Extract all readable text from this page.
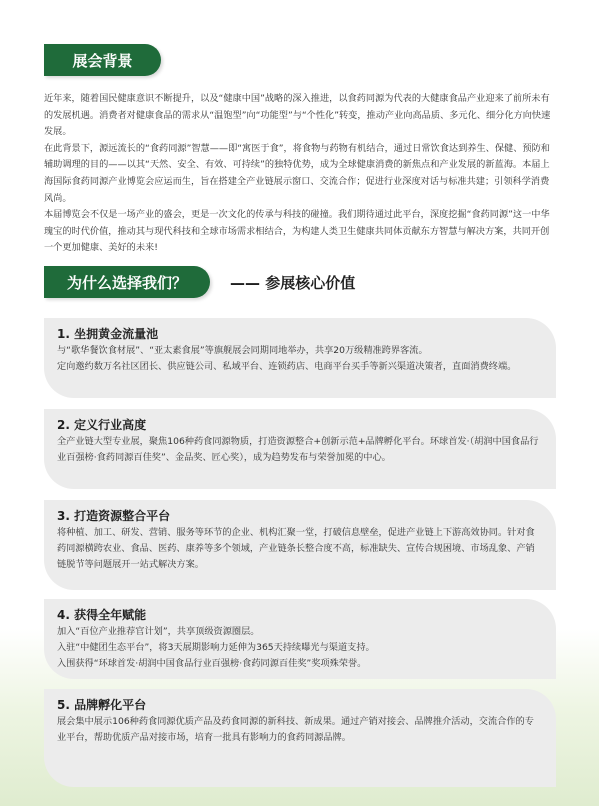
展会背景

近年来，随着国民健康意识不断提升，以及“健康中国”战略的深入推进，以食药同源为代表的大健康食品产业迎来了前所未有的发展机遇。消费者对健康食品的需求从“温饱型”向“功能型”与“个性化”转变，推动产业向高品质、多元化、细分化方向快速发展。

在此背景下，源远流长的“食药同源”智慧——即“寓医于食”，将食物与药物有机结合，通过日常饮食达到养生、保健、预防和辅助调理的目的——以其“天然、安全、有效、可持续”的独特优势，成为全球健康消费的新焦点和产业发展的新蓝海。本届上海国际食药同源产业博览会应运而生，旨在搭建全产业链展示窗口、交流合作；促进行业深度对话与标准共建；引领科学消费风尚。

本届博览会不仅是一场产业的盛会，更是一次文化的传承与科技的碰撞。我们期待通过此平台，深度挖掘“食药同源”这一中华瑰宝的时代价值，推动其与现代科技和全球市场需求相结合，为构建人类卫生健康共同体贡献东方智慧与解决方案，共同开创一个更加健康、美好的未来!

为什么选择我们？	—— 参展核心价值
1. 坐拥黄金流量池

与“歌华餐饮食材展”、“亚太素食展”等旗舰展会同期同地举办，共享20万级精准跨界客流。

定向邀约数万名社区团长、供应链公司、私域平台、连锁药店、电商平台买手等新兴渠道决策者，直面消费终端。

2. 定义行业高度

全产业链大型专业展，聚焦106种药食同源物质，打造资源整合+创新示范+品牌孵化平台。环球首发·（胡润中国食品行业百强榜·食药同源百佳奖”、金品奖、匠心奖），成为趋势发布与荣誉加冕的中心。

3. 打造资源整合平台

将种植、加工、研发、营销、服务等环节的企业、机构汇聚一堂，打破信息壁垒，促进产业链上下游高效协同。针对食药同源横跨农业、食品、医药、康养等多个领域，产业链条长整合度不高，标准缺失、宣传合规困境、市场乱象、产销链脱节等问题展开一站式解决方案。

4. 获得全年赋能

加入“百位产业推荐官计划”，共享顶级资源圈层。

入驻“中健团生态平台”，将3天展期影响力延伸为365天持续曝光与渠道支持。

入围获得“环球首发·胡润中国食品行业百强榜·食药同源百佳奖”奖项殊荣誉。

5. 品牌孵化平台

展会集中展示106种药食同源优质产品及药食同源的新科技、新成果。通过产销对接会、品牌推介活动，交流合作的专业平台，帮助优质产品对接市场，培育一批具有影响力的食药同源品牌。
